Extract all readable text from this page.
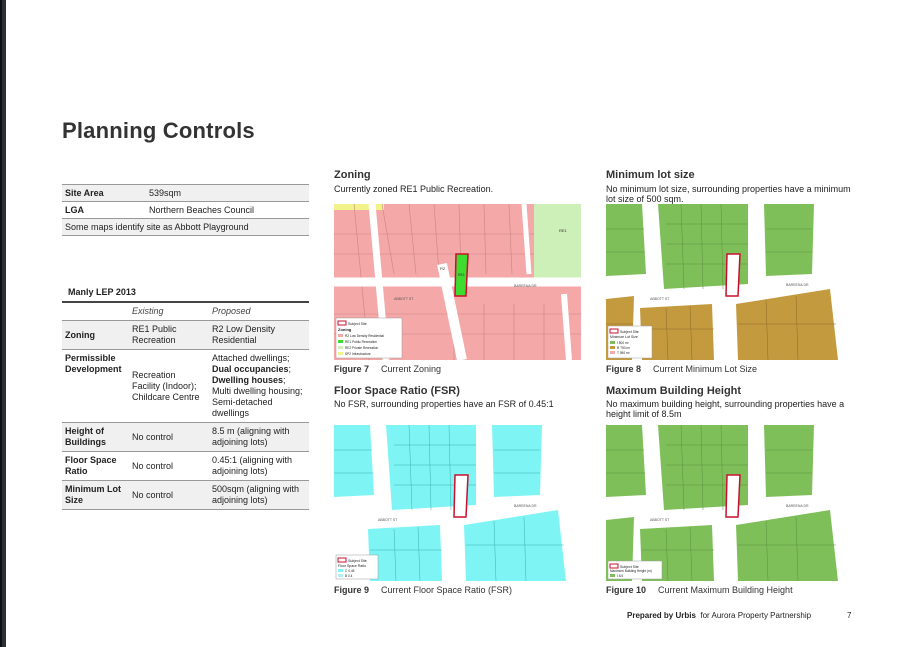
Planning Controls
Site Area	539sqm
LGA	Northern Beaches Council
Some maps identify site as Abbott Playground	
Manly LEP 2013
	Existing	Proposed
Zoning	RE1 Public Recreation	R2 Low Density Residential
Permissible Development	Recreation Facility (Indoor); Childcare Centre	Attached dwellings;
Dual occupancies;
Dwelling houses;
Multi dwelling housing;
Semi-detached dwellings

Height of Buildings	No control	8.5 m (aligning with adjoining lots)
Floor Space Ratio	No control	0.45:1 (aligning with adjoining lots)
Minimum Lot Size	No control	500sqm (aligning with adjoining lots)
Zoning
Currently zoned RE1 Public Recreation.
RE1
R2
RE1
ABBOTT ST
BAREENA DR
Subject Site
Zoning
R2 Low Density Residential
RE1 Public Recreation
RE2 Private Recreation
SP2 Infrastructure
Figure 7 Current Zoning
Minimum lot size
No minimum lot size, surrounding properties have a minimum lot size of 500 sqm.
ABBOTT ST
BAREENA DR
Subject Site
Minimum Lot Size
I 500 m²
R 750 m²
T 950 m²
Figure 8 Current Minimum Lot Size
Floor Space Ratio (FSR)
No FSR, surrounding properties have an FSR of 0.45:1
ABBOTT ST
BAREENA DR
Subject Site
Floor Space Ratio
C 0.45
B 0.4
Figure 9 Current Floor Space Ratio (FSR)
Maximum Building Height
No maximum building height, surrounding properties have a height limit of 8.5m
ABBOTT ST
BAREENA DR
Subject Site
Maximum Building Height (m)
I 8.5
Figure 10 Current Maximum Building Height
Prepared by Urbis for Aurora Property Partnership	7
